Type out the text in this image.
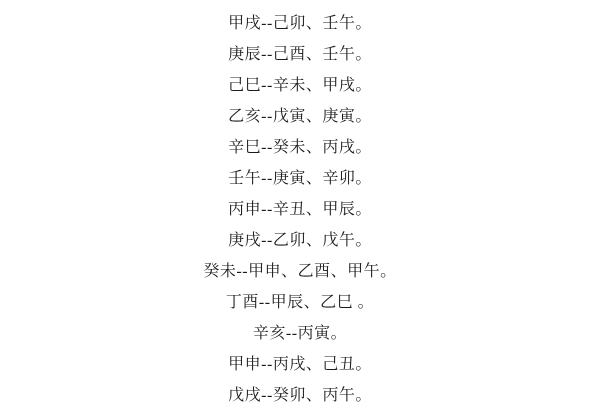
甲戌--己卯、壬午。
庚辰--己酉、壬午。
己巳--辛未、甲戌。
乙亥--戊寅、庚寅。
辛巳--癸未、丙戌。
壬午--庚寅、辛卯。
丙申--辛丑、甲辰。
庚戌--乙卯、戊午。
癸未--甲申、乙酉、甲午。
丁酉--甲辰、乙巳 。
辛亥--丙寅。
甲申--丙戌、己丑。
戊戌--癸卯、丙午。
